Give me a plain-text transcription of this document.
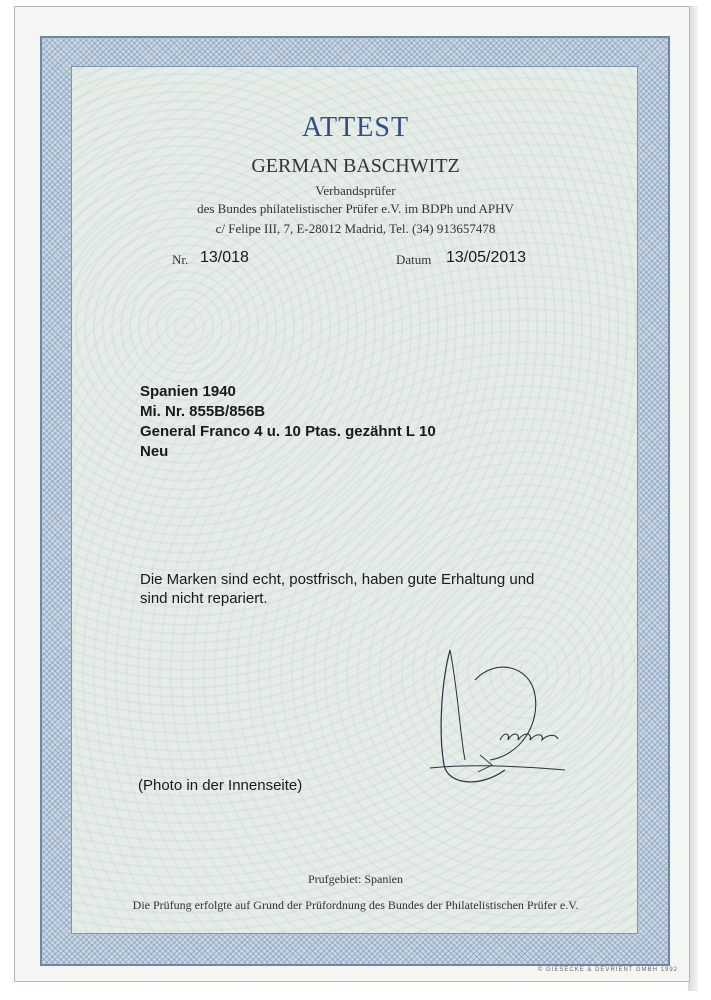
ATTEST
GERMAN BASCHWITZ
Verbandsprüfer
des Bundes philatelistischer Prüfer e.V. im BDPh und APHV
c/ Felipe III, 7, E-28012 Madrid, Tel. (34) 913657478
Nr. 13/018	Datum 13/05/2013
Spanien 1940
Mi. Nr. 855B/856B
General Franco 4 u. 10 Ptas. gezähnt L 10
Neu
Die Marken sind echt, postfrisch, haben gute Erhaltung und
sind nicht repariert.
(Photo in der Innenseite)
Prufgebiet: Spanien
Die Prüfung erfolgte auf Grund der Prüfordnung des Bundes der Philatelistischen Prüfer e.V.
© GIESECKE & DEVRIENT GMBH 1992
